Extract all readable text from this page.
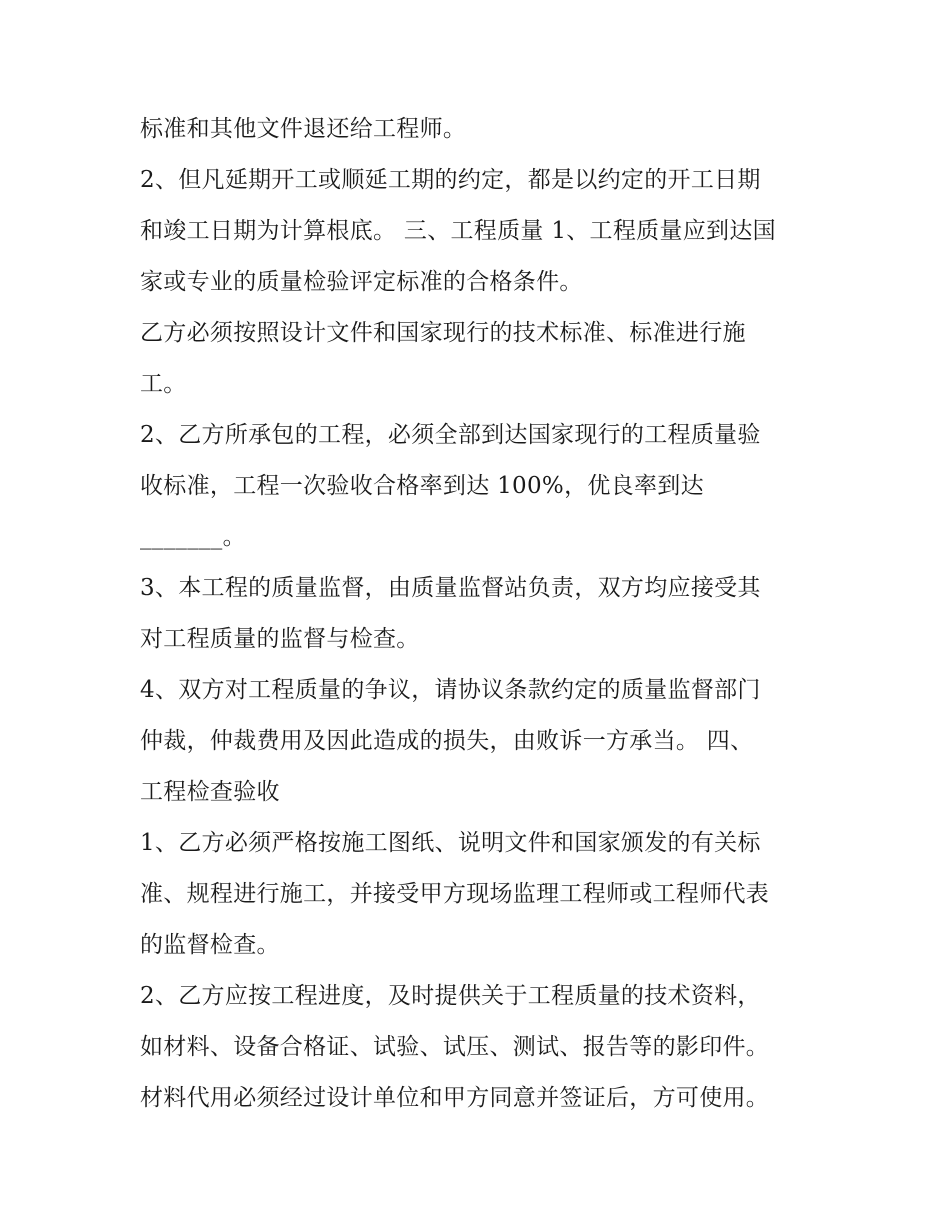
标准和其他文件退还给工程师。
2、但凡延期开工或顺延工期的约定，都是以约定的开工日期
和竣工日期为计算根底。 三、工程质量 1、工程质量应到达国
家或专业的质量检验评定标准的合格条件。
乙方必须按照设计文件和国家现行的技术标准、标准进行施
工。
2、乙方所承包的工程，必须全部到达国家现行的工程质量验
收标准，工程一次验收合格率到达 100%，优良率到达
_______。
3、本工程的质量监督，由质量监督站负责，双方均应接受其
对工程质量的监督与检查。
4、双方对工程质量的争议，请协议条款约定的质量监督部门
仲裁，仲裁费用及因此造成的损失，由败诉一方承当。 四、
工程检查验收
1、乙方必须严格按施工图纸、说明文件和国家颁发的有关标
准、规程进行施工，并接受甲方现场监理工程师或工程师代表
的监督检查。
2、乙方应按工程进度，及时提供关于工程质量的技术资料，
如材料、设备合格证、试验、试压、测试、报告等的影印件。
材料代用必须经过设计单位和甲方同意并签证后，方可使用。
